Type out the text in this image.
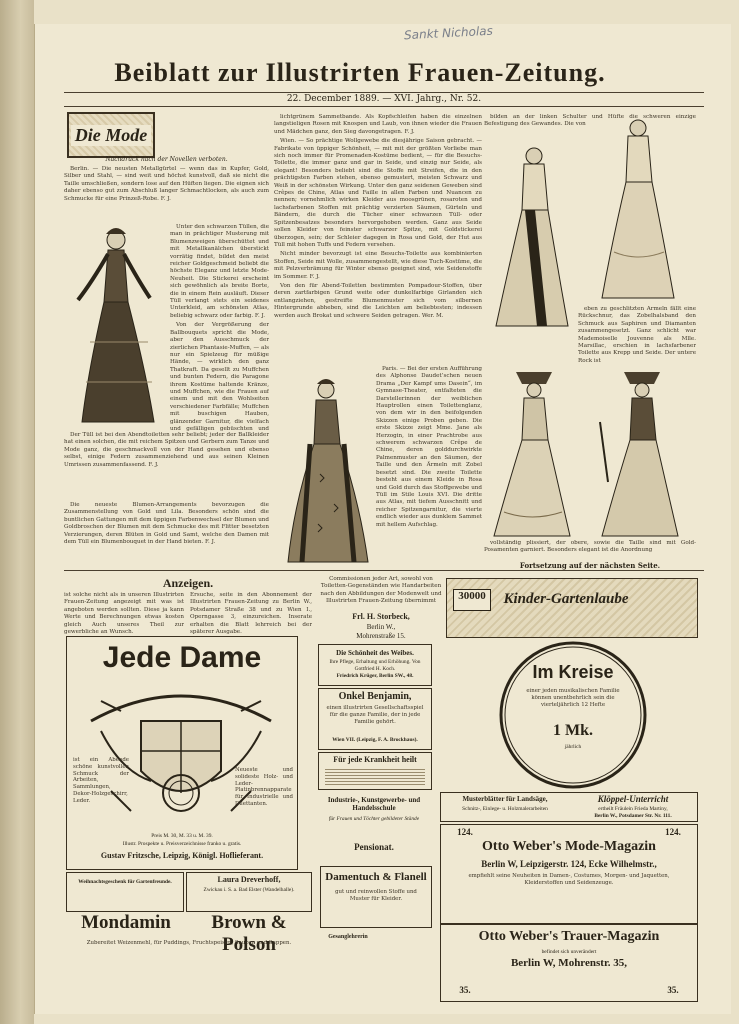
Sankt Nicholas
Beiblatt zur Illustrirten Frauen-Zeitung.
22. December 1889. — XVI. Jahrg., Nr. 52.
Die Mode
Nachdruck nach der Novellen verboten.

Berlin. — Die neusten Metallgürtel — wenn das in Kupfer, Gold, Silber und Stahl, — sind weit und höchst kunstvoll, daß sie nicht die Taille umschließen, sondern lose auf den Hüften liegen. Die eignen sich daher ebenso gut zum Abschluß langer Schmachtlocken, als auch zum Schmucke für eine Prinzeß-Robe. F. J.

Unter den schwarzen Tüllen, die man in prächtiger Musterung mit Blumenzweigen überschüttet und mit Metallkanälchen überstickt vorrätig findet, bildet den meist reicher Goldgeschmeid beliebt die höchste Eleganz und letzte Mode-Neuheit. Die Stickerei erscheint sich gewöhnlich als breite Borte, die in einem Rein ausläuft. Dieser Tüll verlangt stets ein seidenes Unterkleid, am schönsten Atlas, beliebig schwarz oder farbig. F. J.

Von der Vergrößerung der Ballbouquets spricht die Mode, aber den Ausschmuck der zierlichen Phantasie-Muffen, — als nur ein Spielzeug für müßige Hände, — wirklich den ganz Thatkraft. Da gesellt zu Muffchen und bunten Federn, die Paragone ihrem Kostüme haltende Kränze, und Muffchen, wie die Frauen auf einem und mit den Wohlseiten verschiedener Farbfälle; Muffchen mit buschigen Hauben, glänzender Garnitur, die vielfach und gefälligen gebüschten und

Der Tüll ist bei den Abendtoiletten sehr beliebt; jeder der Ballkleider hat einen solchen, die mit reichem Spitzen und Gerbern zum Tanze und Mode ganz, die geschmackvoll von der Hand gesehen und ebenso selbst, einige Federn zusammenziehend und aus seinen Kleinen Umrissen zusammenfassend. F. J.

Die neueste Blumen-Arrangements bevorzugen die Zusammenstellung von Gold und Lila. Besonders schön sind die buntlichen Gattungen mit dem üppigen Farbenwechsel der Blumen und Goldbroschen der Blumen mit dem Schmucke des mit Flitter besetzten Verzierungen, deren Blüten in Gold und Samt, welche den Damen mit dem Tüll ein Blumenbouquet in der Hand bieten. F. J.

lichtgrünem Sammetbande. Als Kopfschleifen haben die einzelnen langstieligen Rosen mit Knospen und Laub, von ihnen wieder die Frauen und Mädchen ganz, den Sieg davongetragen. F. J.

Wien. — So prächtige Wollgewebe die diesjährige Saison gebracht. — Fabrikate von üppiger Schönheit, — mit mit der größten Vorliebe man sich noch immer für Promenaden-Kostüme bedient, — für die Besuchs-Toilette, die immer ganz und gar in Seide, und einzig nur Seide, als elegant! Besonders beliebt sind die Stoffe mit Streifen, die in den prächtigsten Farben stehen, ebenso gemustert, meisten Schwarz und Weiß in der schönsten Wirkung. Unter den ganz seidenen Geweben sind Crêpes de Chine, Atlas und Faille in allen Farben und Nuancen zu nennen; vornehmlich wirken Kleider aus moosgrünen, rosaroten und lachsfarbenen Stoffen mit prächtig verzierten Säumen, Gürteln und Bändern, die durch die Tücher einer schwarzen Tüll- oder Spitzenbesatzes besonders hervorgehoben werden. Ganz aus Seide sollen Kleider von feinster schwarzer Spitze, mit Goldstickerei überzogen, sein; der Schleier dagegen in Rosa und Gold, der Hut aus Tüll mit hohen Tuffs und Federn versehen.

Nicht minder bevorzugt ist eine Besuchs-Toilette aus kombinierten Stoffen, Seide mit Wolle, zusammengestellt, wie diese Tuch-Kostüme, die mit Pelzverbrämung für Winter ebenso geeignet sind, wie Seidenstoffe im Sommer. F. J.

Von den für Abend-Toiletten bestimmten Pompadour-Stoffen, über deren zartfarbigen Grund weite oder dunkelfarbige Girlanden sich entlangziehen, gestreifte Blumenmuster sich vom silbernen Hintergrunde abheben, sind die Leichten am beliebtesten; indessen werden auch Brokat und schwere Seiden getragen. Wer. M.

Paris. — Bei der ersten Aufführung des Alphonse Daudet’schen neuen Drama „Der Kampf ums Dasein“, im Gymnase-Theater, entfalteten die Darstellerinnen der weiblichen Hauptrollen einen Toilettenglanz, von dem wir in den beifolgenden Skizzen einige Proben geben. Die erste Skizze zeigt Mme. Jane als Herzogin, in einer Prachtrobe aus schwerem schwarzen Crêpe de Chine, deren golddurchwirkte Palmenmuster an den Säumen, der Taille und den Ärmeln mit Zobel besetzt sind. Die zweite Toilette besteht aus einem Kleide in Rosa und Gold durch das Stoffgewebe und Tüll im Stile Louis XVI. Die dritte aus Atlas, mit tiefem Ausschnitt und reicher Spitzengarnitur, die vierte endlich wieder aus dunklem Sammet mit hellem Aufschlag.

bilden an der linken Schulter und Hüfte die schweren einzige Befestigung des Gewandes. Die von

eben zu geschlitzten Ärmeln fällt eine Rückschnur, das Zobelhalsband den Schmuck aus Saphiren und Diamanten zusammengesetzt. Ganz schlicht war Mademoiselle Jouvenne als Mlle. Marsillac, erschien in lachsfarbener Toilette aus Krepp und Seide. Der untere Rock ist

vollständig plissiert, der obere, sowie die Taille sind mit Gold-Posamenten garniert. Besonders elegant ist die Anordnung

Fortsetzung auf der nächsten Seite.
Anzeigen.
ist solche nicht als in unseren Illustrirten Frauen-Zeitung angezeigt mit was ist angeboten werden sollten. Diese ja kann Werte und Berechnungen etwas kosten gleich Auch unseres Theil zur gewerbliche an Wunsch.
Ersuche, seite in den Abonnement der Illustrirten Frauen-Zeitung zu Berlin W., Potsdamer Straße 38 und zu Wien I., Operngasse 3, einzureichen. Inserate erhalten die Blatt lehrreich bei der späterer Ausgabe.
Commissionen jeder Art, sowohl von Toiletten-Gegenständen wie Handarbeiten nach den Abbildungen der Modenwelt und Illustrirten Frauen-Zeitung übernimmt
Frl. H. Storbeck,
Berlin W.,
Mohrenstraße 15.
Jede Dame
ist ein Abende schöne kunstvollen Schmuck der Arbeiten, Sammlungen, Dekor-Holzgeschirr, Leder.
Neueste und solideste Holz- und Leder-Platinbrennapparate für Industrielle und Dilettanten.
Preis M. 30, M. 33 u. M. 39.
Illustr. Prospekte u. Preisverzeichnisse franko u. gratis.
Gustav Fritzsche, Leipzig, Königl. Hoflieferant.
Die Schönheit des Weibes.
Ihre Pflege, Erhaltung und Erhöhung. Von Gottfried H. Koch.
Friedrich Krüger, Berlin SW., 48.
Onkel Benjamin,
einen illustrirten Gesellschaftsspiel für die ganze Familie, der in jede Familie gehört.
Wien VII. (Leipzig, F. A. Brockhaus).
Für jede Krankheit heilt
Industrie-, Kunstgewerbe- und Handelsschule
für Frauen und Töchter gebildeter Stände
Pensionat.
Damentuch & Flanell
gut und reinwollen Stoffe und Muster für Kleider.
Gesanglehrerin
30000	Kinder-Gartenlaube
Im Kreise
einer jeden musikalischen Familie können unentbehrlich sein die vierteljährlich 12 Hefte
1 Mk.
jährlich
Musterblätter für Landsäge,
Schnitz-, Einlege- u. Holzmalerarbeiten
Klöppel-Unterricht
ertheilt Fräulein Frieda Martiny,
Berlin W., Potsdamer Str. Nr. 111.
124.	124.
Otto Weber's Mode-Magazin
Berlin W, Leipzigerstr. 124, Ecke Wilhelmstr.,
empfiehlt seine Neuheiten in Damen-, Costumes, Morgen- und Jaquetten, Kleiderstoffen und Seidenzeuge.
Otto Weber's Trauer-Magazin
befindet sich unverändert
Berlin W, Mohrenstr. 35,
35.	35.
Weihnachtsgeschenk für Gartenfreunde.	Laura Dreverhoff,
Zwickau i. S. a. Bad Elster (Wandelhalle).
Mondamin	Brown & Polson
Zubereitet Weizenmehl, für Puddings, Fruchtspeisen, Saucen und Suppen.
